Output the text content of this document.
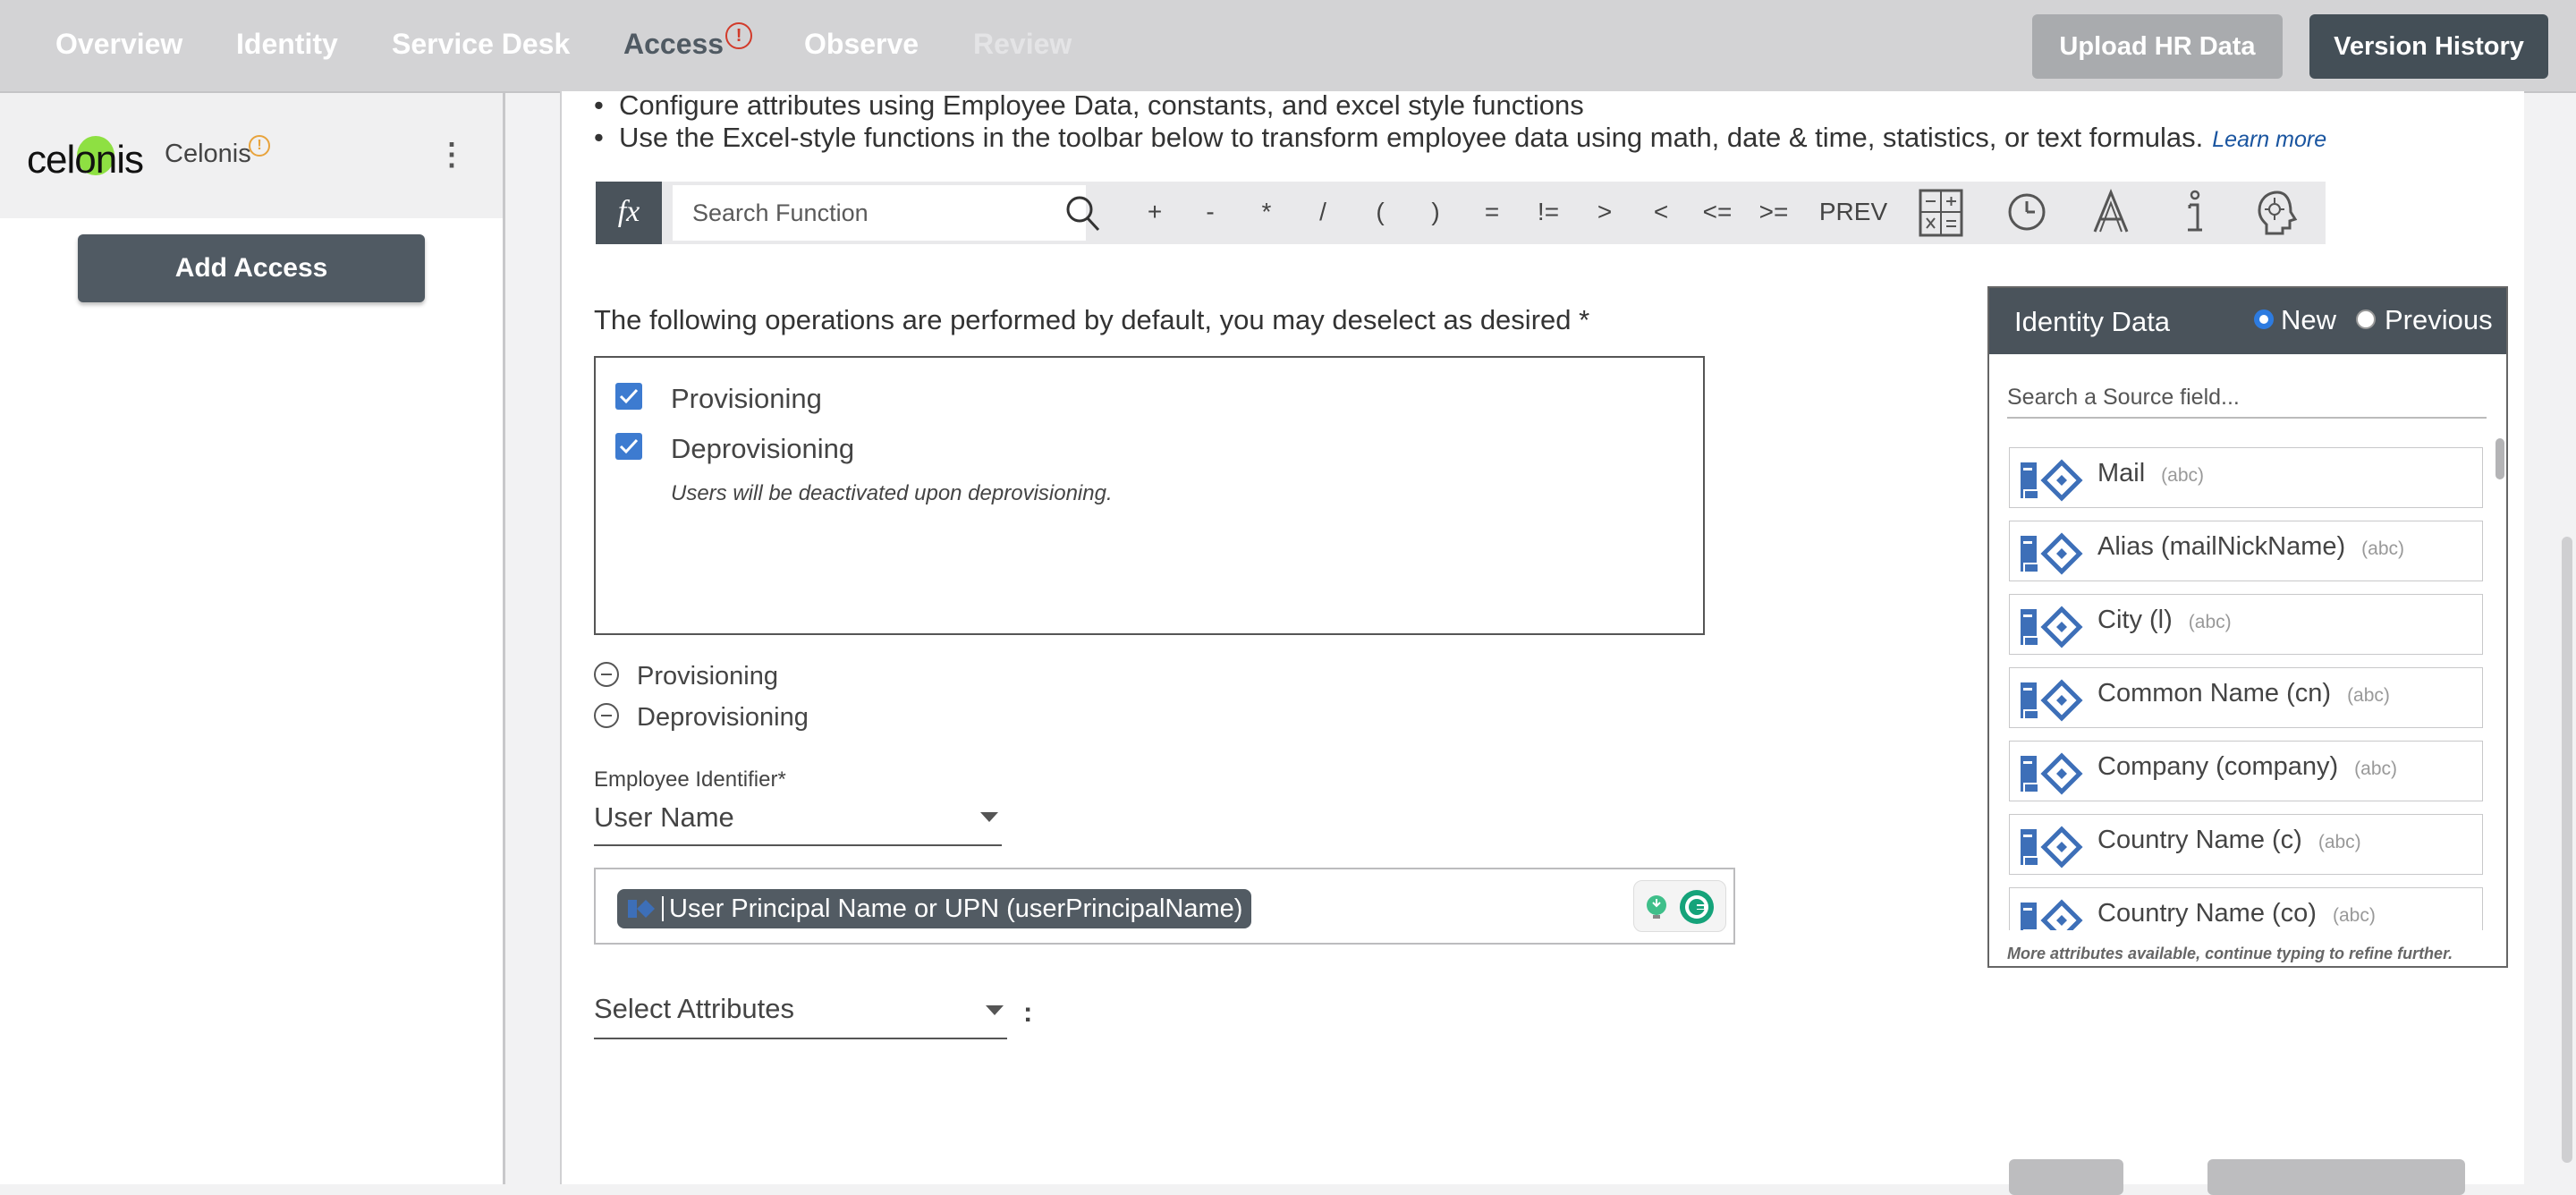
Overview Identity Service Desk Access !	Observe Review	Upload HR Data	Version History
celonis Celonis !	⋮
Add Access
• Configure attributes using Employee Data, constants, and excel style functions
• Use the Excel-style functions in the toolbar below to transform employee data using math, date & time, statistics, or text formulas. Learn more
fx
Search Function	+	-	*	/	(	)	=	!=	>	<	<=	>=	PREV
The following operations are performed by default, you may deselect as desired *
Provisioning
Deprovisioning
Users will be deactivated upon deprovisioning.
Provisioning
Deprovisioning
Employee Identifier*
User Name
User Principal Name or UPN (userPrincipalName)
Select Attributes	:
Identity Data	New Previous
Search a Source field...
Mail (abc)
Alias (mailNickName) (abc)
City (l) (abc)
Common Name (cn) (abc)
Company (company) (abc)
Country Name (c) (abc)
Country Name (co) (abc)
More attributes available, continue typing to refine further.
